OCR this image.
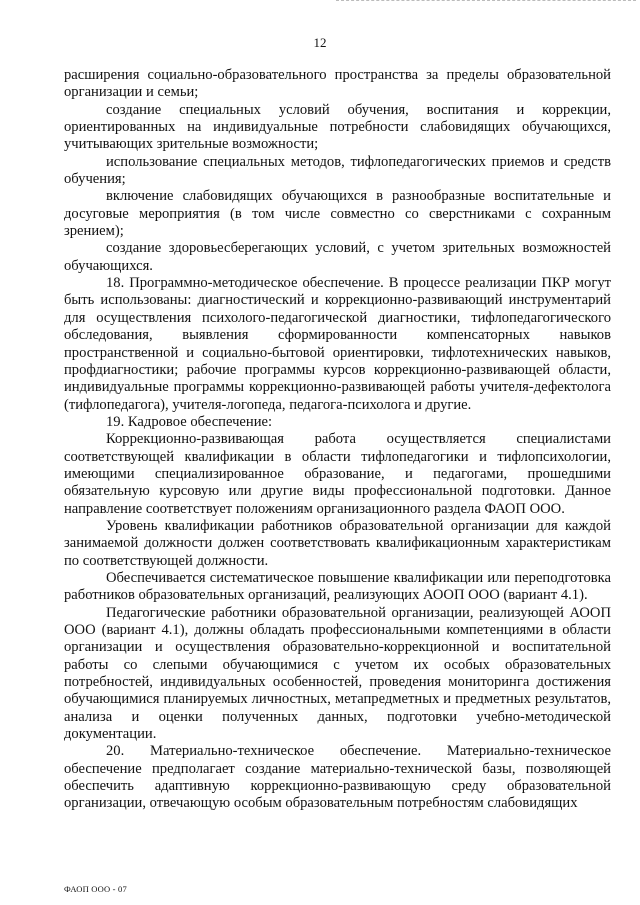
12

расширения социально-образовательного пространства за пределы образовательной организации и семьи;

создание специальных условий обучения, воспитания и коррекции, ориентированных на индивидуальные потребности слабовидящих обучающихся, учитывающих зрительные возможности;

использование специальных методов, тифлопедагогических приемов и средств обучения;

включение слабовидящих обучающихся в разнообразные воспитательные и досуговые мероприятия (в том числе совместно со сверстниками с сохранным зрением);

создание здоровьесберегающих условий, с учетом зрительных возможностей обучающихся.

18. Программно-методическое обеспечение. В процессе реализации ПКР могут быть использованы: диагностический и коррекционно-развивающий инструментарий для осуществления психолого-педагогической диагностики, тифлопедагогического обследования, выявления сформированности компенсаторных навыков пространственной и социально-бытовой ориентировки, тифлотехнических навыков, профдиагностики; рабочие программы курсов коррекционно-развивающей области, индивидуальные программы коррекционно-развивающей работы учителя-дефектолога (тифлопедагога), учителя-логопеда, педагога-психолога и другие.

19. Кадровое обеспечение:

Коррекционно-развивающая работа осуществляется специалистами соответствующей квалификации в области тифлопедагогики и тифлопсихологии, имеющими специализированное образование, и педагогами, прошедшими обязательную курсовую или другие виды профессиональной подготовки. Данное направление соответствует положениям организационного раздела ФАОП ООО.

Уровень квалификации работников образовательной организации для каждой занимаемой должности должен соответствовать квалификационным характеристикам по соответствующей должности.

Обеспечивается систематическое повышение квалификации или переподготовка работников образовательных организаций, реализующих АООП ООО (вариант 4.1).

Педагогические работники образовательной организации, реализующей АООП ООО (вариант 4.1), должны обладать профессиональными компетенциями в области организации и осуществления образовательно-коррекционной и воспитательной работы со слепыми обучающимися с учетом их особых образовательных потребностей, индивидуальных особенностей, проведения мониторинга достижения обучающимися планируемых личностных, метапредметных и предметных результатов, анализа и оценки полученных данных, подготовки учебно-методической документации.

20. Материально-техническое обеспечение. Материально-техническое обеспечение предполагает создание материально-технической базы, позволяющей обеспечить адаптивную коррекционно-развивающую среду образовательной организации, отвечающую особым образовательным потребностям слабовидящих

ФАОП ООО - 07
